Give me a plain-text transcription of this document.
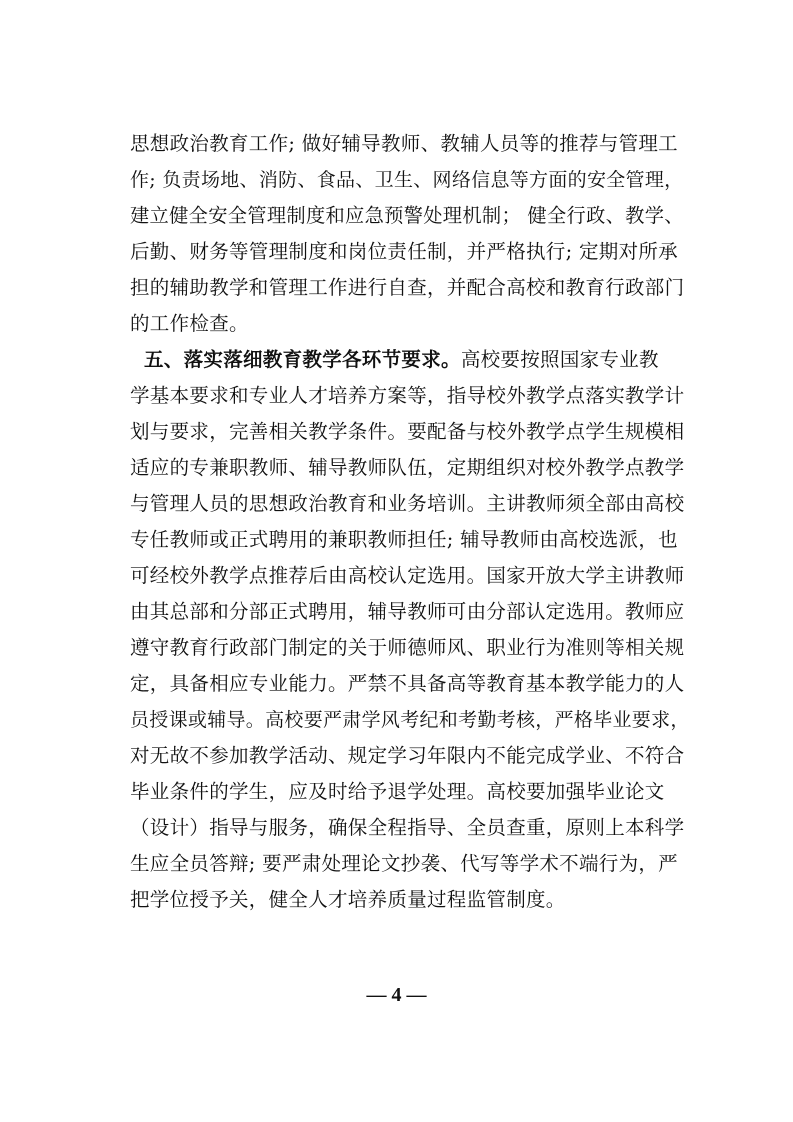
思想政治教育工作; 做好辅导教师、教辅人员等的推荐与管理工
作; 负责场地、消防、食品、卫生、网络信息等方面的安全管理，
建立健全安全管理制度和应急预警处理机制； 健全行政、教学、
后勤、财务等管理制度和岗位责任制，并严格执行; 定期对所承
担的辅助教学和管理工作进行自查，并配合高校和教育行政部门
的工作检查。
五、落实落细教育教学各环节要求。高校要按照国家专业教
学基本要求和专业人才培养方案等，指导校外教学点落实教学计
划与要求，完善相关教学条件。要配备与校外教学点学生规模相
适应的专兼职教师、辅导教师队伍，定期组织对校外教学点教学
与管理人员的思想政治教育和业务培训。主讲教师须全部由高校
专任教师或正式聘用的兼职教师担任; 辅导教师由高校选派，也
可经校外教学点推荐后由高校认定选用。国家开放大学主讲教师
由其总部和分部正式聘用，辅导教师可由分部认定选用。教师应
遵守教育行政部门制定的关于师德师风、职业行为准则等相关规
定，具备相应专业能力。严禁不具备高等教育基本教学能力的人
员授课或辅导。高校要严肃学风考纪和考勤考核，严格毕业要求，
对无故不参加教学活动、规定学习年限内不能完成学业、不符合
毕业条件的学生，应及时给予退学处理。高校要加强毕业论文
（设计）指导与服务，确保全程指导、全员查重，原则上本科学
生应全员答辩; 要严肃处理论文抄袭、代写等学术不端行为，严
把学位授予关，健全人才培养质量过程监管制度。
— 4 —
